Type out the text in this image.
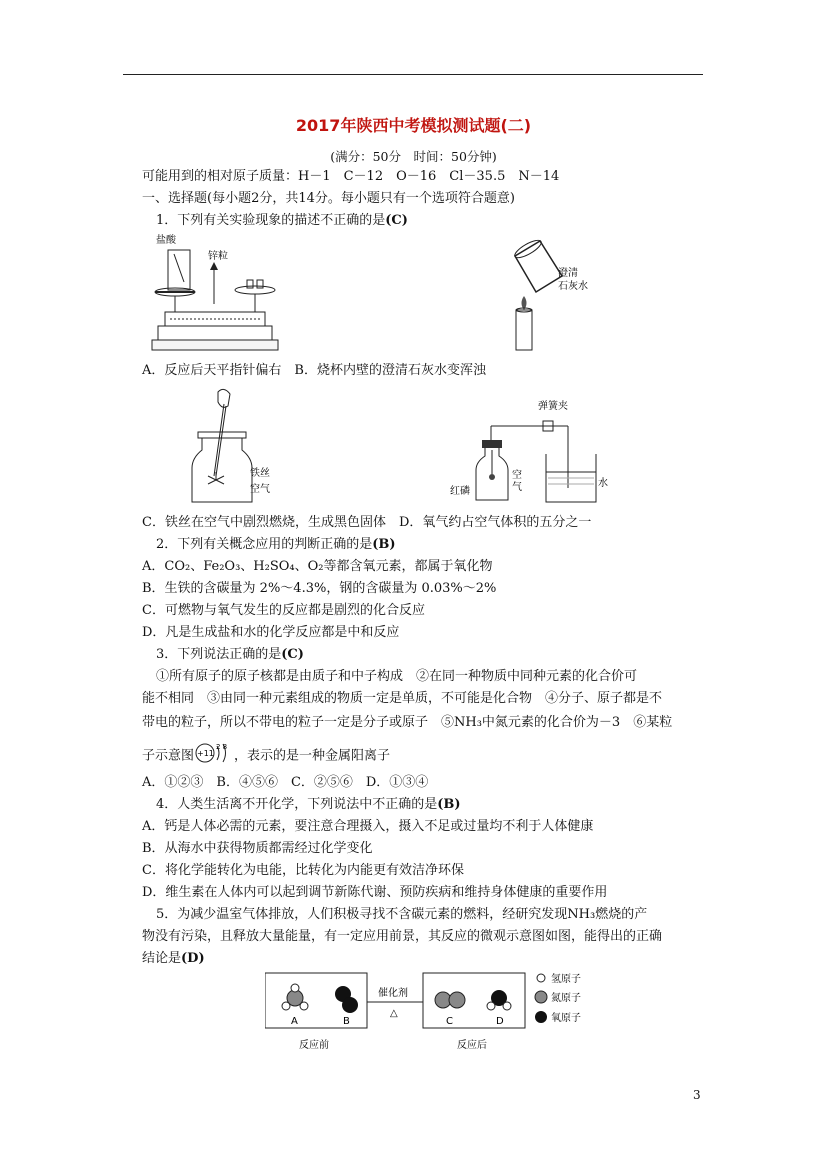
2017年陕西中考模拟测试题(二)
(满分：50分　时间：50分钟)
可能用到的相对原子质量：H－1　C－12　O－16　Cl－35.5　N－14
一、选择题(每小题2分，共14分。每小题只有一个选项符合题意)
1．下列有关实验现象的描述不正确的是(C)
盐酸
锌粒
澄清
石灰水
A．反应后天平指针偏右　B．烧杯内壁的澄清石灰水变浑浊
铁丝
空气
弹簧夹
空
气
红磷
水
C．铁丝在空气中剧烈燃烧，生成黑色固体　D．氧气约占空气体积的五分之一
2．下列有关概念应用的判断正确的是(B)
A．CO₂、Fe₂O₃、H₂SO₄、O₂等都含氧元素，都属于氧化物
B．生铁的含碳量为 2%～4.3%，钢的含碳量为 0.03%～2%
C．可燃物与氧气发生的反应都是剧烈的化合反应
D．凡是生成盐和水的化学反应都是中和反应
3．下列说法正确的是(C)
①所有原子的原子核都是由质子和中子构成　②在同一种物质中同种元素的化合价可
能不相同　③由同一种元素组成的物质一定是单质，不可能是化合物　④分子、原子都是不
带电的粒子，所以不带电的粒子一定是分子或原子　⑤NH₃中氮元素的化合价为－3　⑥某粒
子示意图 +11
2 8
，表示的是一种金属阳离子
A．①②③　B．④⑤⑥　C．②⑤⑥　D．①③④
4．人类生活离不开化学，下列说法中不正确的是(B)
A．钙是人体必需的元素，要注意合理摄入，摄入不足或过量均不利于人体健康
B．从海水中获得物质都需经过化学变化
C．将化学能转化为电能，比转化为内能更有效洁净环保
D．维生素在人体内可以起到调节新陈代谢、预防疾病和维持身体健康的重要作用
5．为减少温室气体排放，人们积极寻找不含碳元素的燃料，经研究发现NH₃燃烧的产
物没有污染，且释放大量能量，有一定应用前景，其反应的微观示意图如图，能得出的正确
结论是(D)
催化剂
△
A	B	C	D
反应前	反应后
氢原子
氮原子
氧原子
3
